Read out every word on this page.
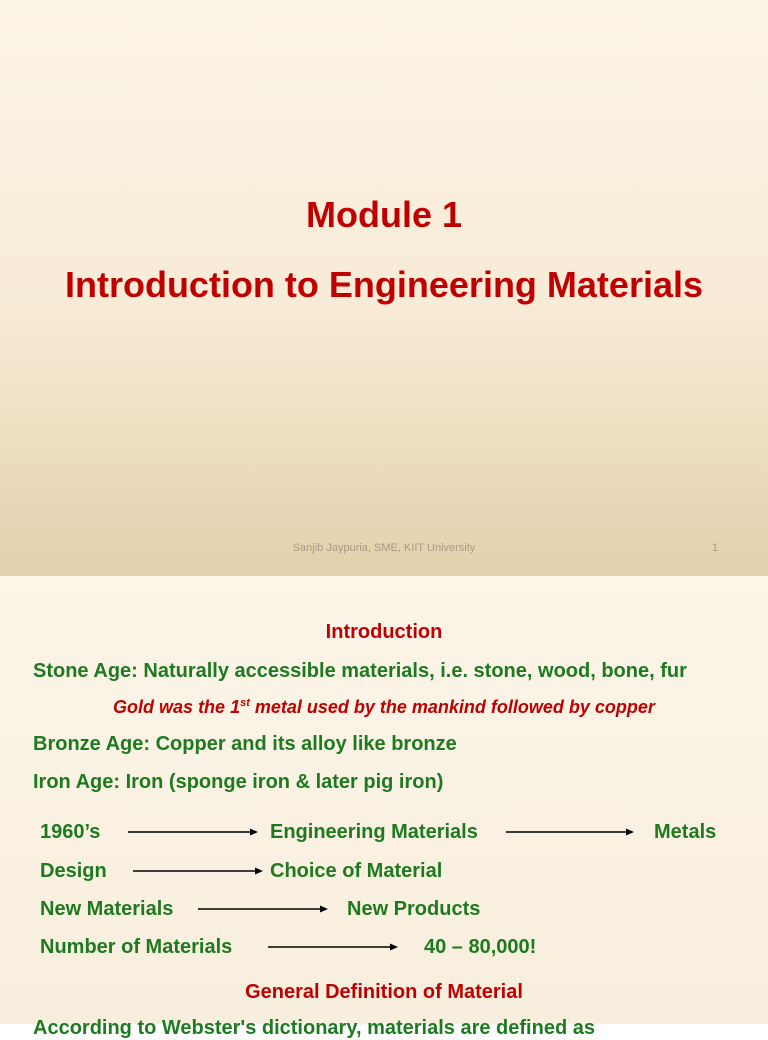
Module 1
Introduction to Engineering Materials
Sanjib Jaypuria, SME, KIIT University	1
Introduction
Stone Age: Naturally accessible materials, i.e. stone, wood, bone, fur
Gold was the 1st metal used by the mankind followed by copper
Bronze Age: Copper and its alloy like bronze
Iron Age: Iron (sponge iron & later pig iron)
1960’s	Engineering Materials	Metals
Design	Choice of Material
New Materials	New Products
Number of Materials	40 – 80,000!
General Definition of Material
According to Webster's dictionary, materials are defined as
